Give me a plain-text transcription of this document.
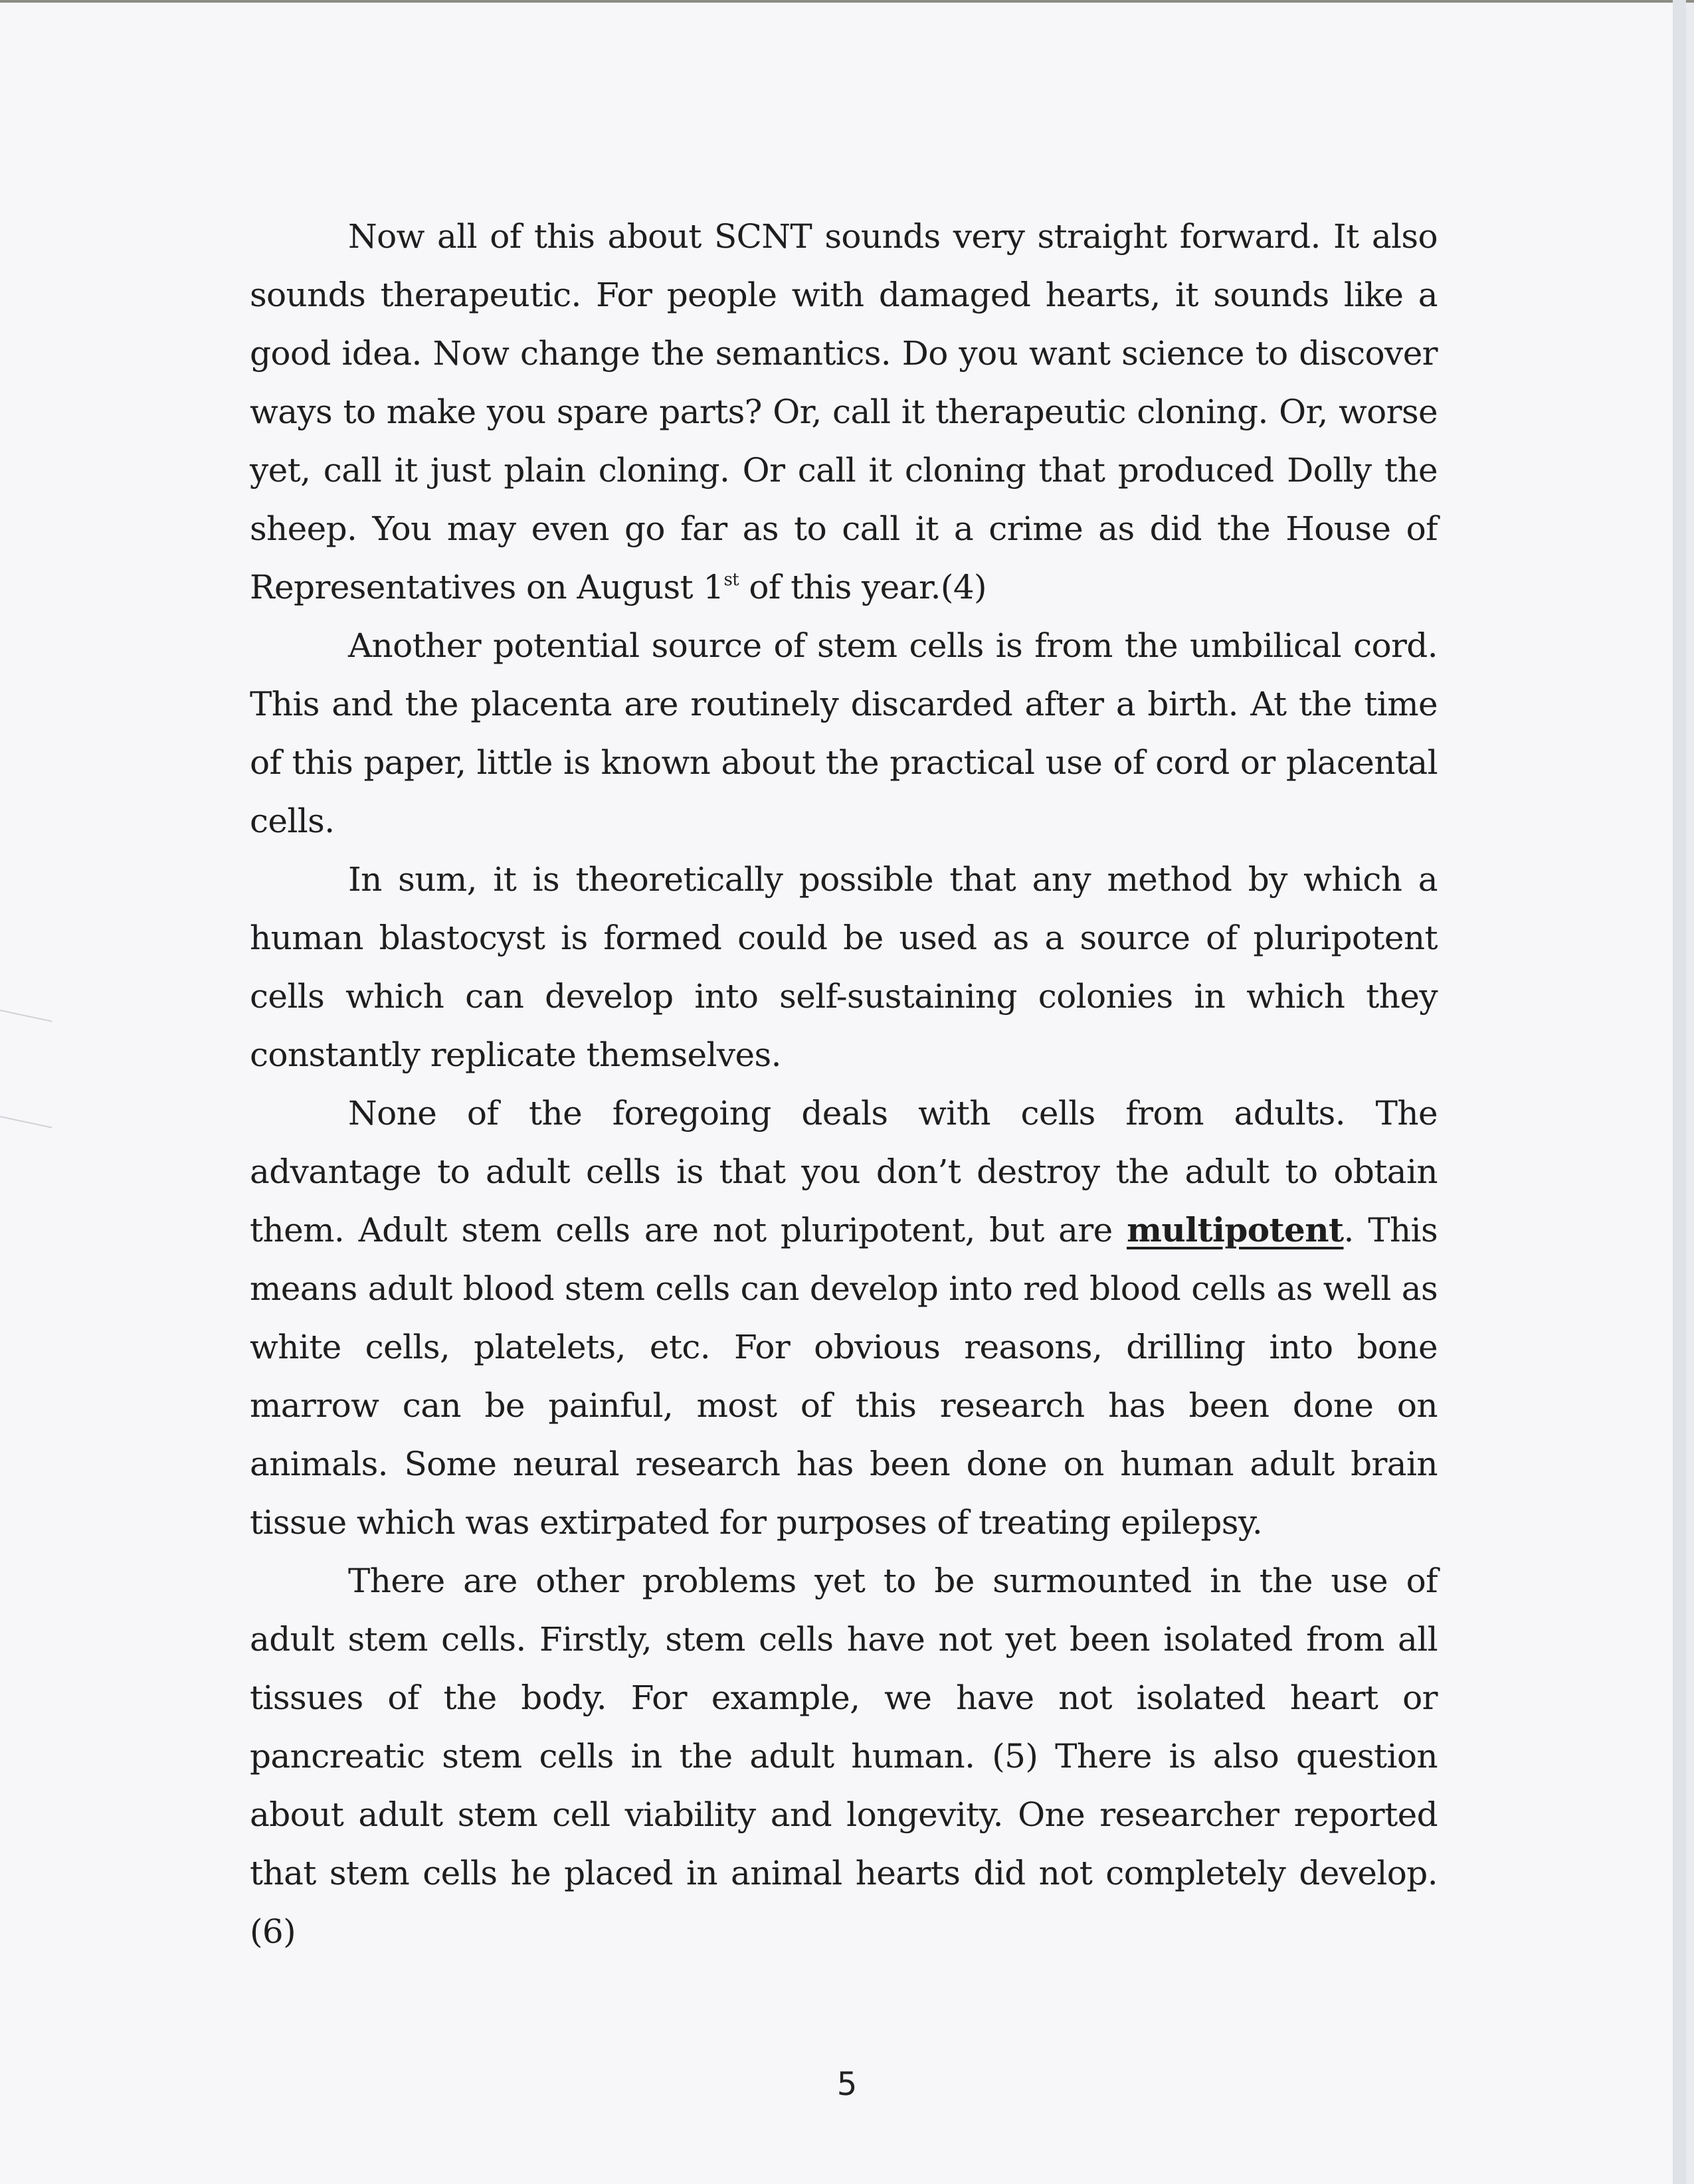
Now all of this about SCNT sounds very straight forward. It also sounds therapeutic. For people with damaged hearts, it sounds like a good idea. Now change the semantics. Do you want science to discover ways to make you spare parts? Or, call it therapeutic cloning. Or, worse yet, call it just plain cloning. Or call it cloning that produced Dolly the sheep. You may even go far as to call it a crime as did the House of Representatives on August 1st of this year.(4)

Another potential source of stem cells is from the umbilical cord. This and the placenta are routinely discarded after a birth. At the time of this paper, little is known about the practical use of cord or placental cells.

In sum, it is theoretically possible that any method by which a human blastocyst is formed could be used as a source of pluripotent cells which can develop into self-sustaining colonies in which they constantly replicate themselves.

None of the foregoing deals with cells from adults. The advantage to adult cells is that you don’t destroy the adult to obtain them. Adult stem cells are not pluripotent, but are multipotent. This means adult blood stem cells can develop into red blood cells as well as white cells, platelets, etc. For obvious reasons, drilling into bone marrow can be painful, most of this research has been done on animals. Some neural research has been done on human adult brain tissue which was extirpated for purposes of treating epilepsy.

There are other problems yet to be surmounted in the use of adult stem cells. Firstly, stem cells have not yet been isolated from all tissues of the body. For example, we have not isolated heart or pancreatic stem cells in the adult human. (5) There is also question about adult stem cell viability and longevity. One researcher reported that stem cells he placed in animal hearts did not completely develop. (6)

5
